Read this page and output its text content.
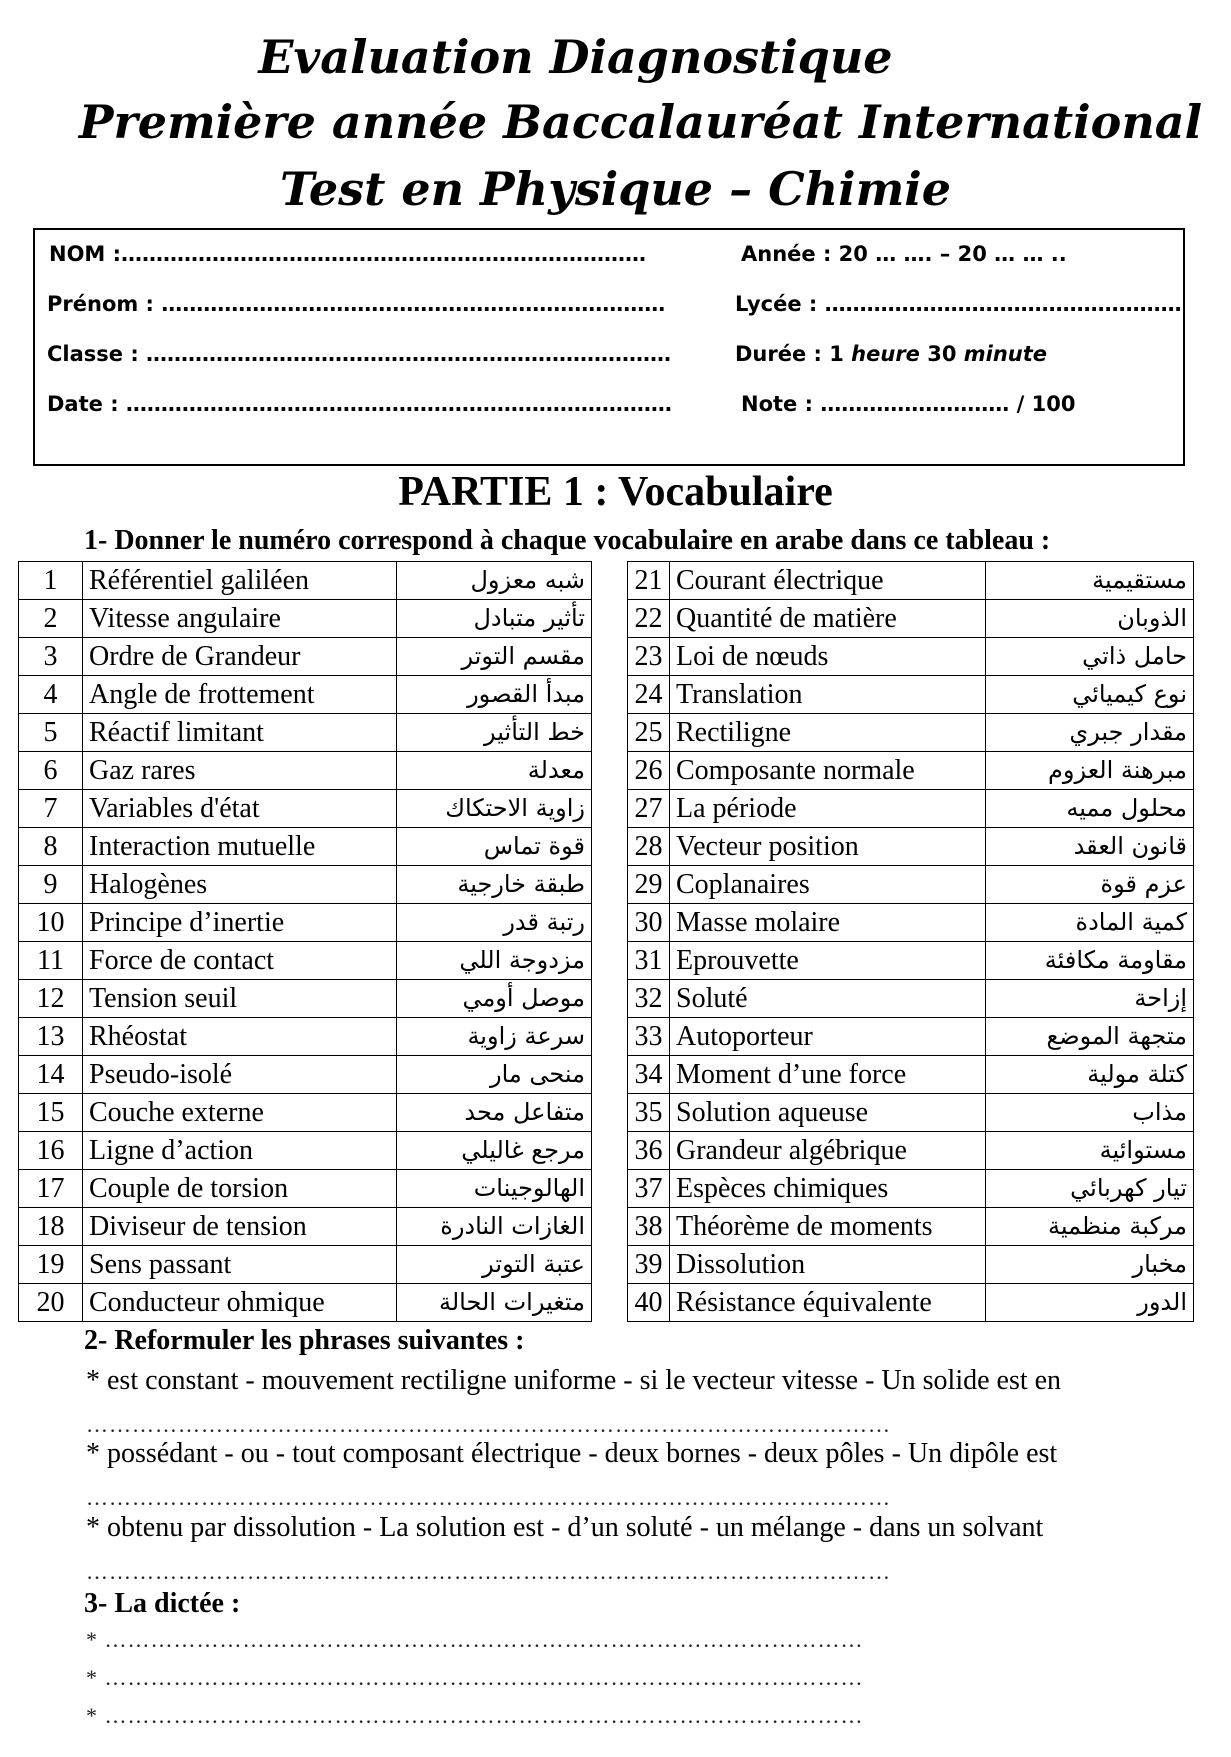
Evaluation Diagnostique
Première année Baccalauréat International
Test en Physique – Chimie
NOM :…………………………………………………………………
Prénom : ………………………………………………………………
Classe : …………………………………………………………………
Date : ……………………………………………………………………
Année : 20 … …. – 20 … … ..
Lycée : ……………………………………………
Durée : 1 heure 30 minute
Note : ……………………… / 100
PARTIE 1 : Vocabulaire
1- Donner le numéro correspond à chaque vocabulaire en arabe dans ce tableau :
1	Référentiel galiléen	شبه معزول
2	Vitesse angulaire	تأثير متبادل
3	Ordre de Grandeur	مقسم التوتر
4	Angle de frottement	مبدأ القصور
5	Réactif limitant	خط التأثير
6	Gaz rares	معدلة
7	Variables d'état	زاوية الاحتكاك
8	Interaction mutuelle	قوة تماس
9	Halogènes	طبقة خارجية
10	Principe d’inertie	رتبة قدر
11	Force de contact	مزدوجة اللي
12	Tension seuil	موصل أومي
13	Rhéostat	سرعة زاوية
14	Pseudo-isolé	منحى مار
15	Couche externe	متفاعل محد
16	Ligne d’action	مرجع غاليلي
17	Couple de torsion	الهالوجينات
18	Diviseur de tension	الغازات النادرة
19	Sens passant	عتبة التوتر
20	Conducteur ohmique	متغيرات الحالة
21	Courant électrique	مستقيمية
22	Quantité de matière	الذوبان
23	Loi de nœuds	حامل ذاتي
24	Translation	نوع كيميائي
25	Rectiligne	مقدار جبري
26	Composante normale	مبرهنة العزوم
27	La période	محلول مميه
28	Vecteur position	قانون العقد
29	Coplanaires	عزم قوة
30	Masse molaire	كمية المادة
31	Eprouvette	مقاومة مكافئة
32	Soluté	إزاحة
33	Autoporteur	متجهة الموضع
34	Moment d’une force	كتلة مولية
35	Solution aqueuse	مذاب
36	Grandeur algébrique	مستوائية
37	Espèces chimiques	تيار كهربائي
38	Théorème de moments	مركبة منظمية
39	Dissolution	مخبار
40	Résistance équivalente	الدور
2- Reformuler les phrases suivantes :
* est constant - mouvement rectiligne uniforme - si le vecteur vitesse - Un solide est en
……………………………………………………………………………………………
* possédant - ou - tout composant électrique - deux bornes - deux pôles - Un dipôle est
……………………………………………………………………………………………
* obtenu par dissolution - La solution est - d’un soluté - un mélange - dans un solvant
……………………………………………………………………………………………
3- La dictée :
* ………………………………………………………………………………………
* ………………………………………………………………………………………
* ………………………………………………………………………………………
